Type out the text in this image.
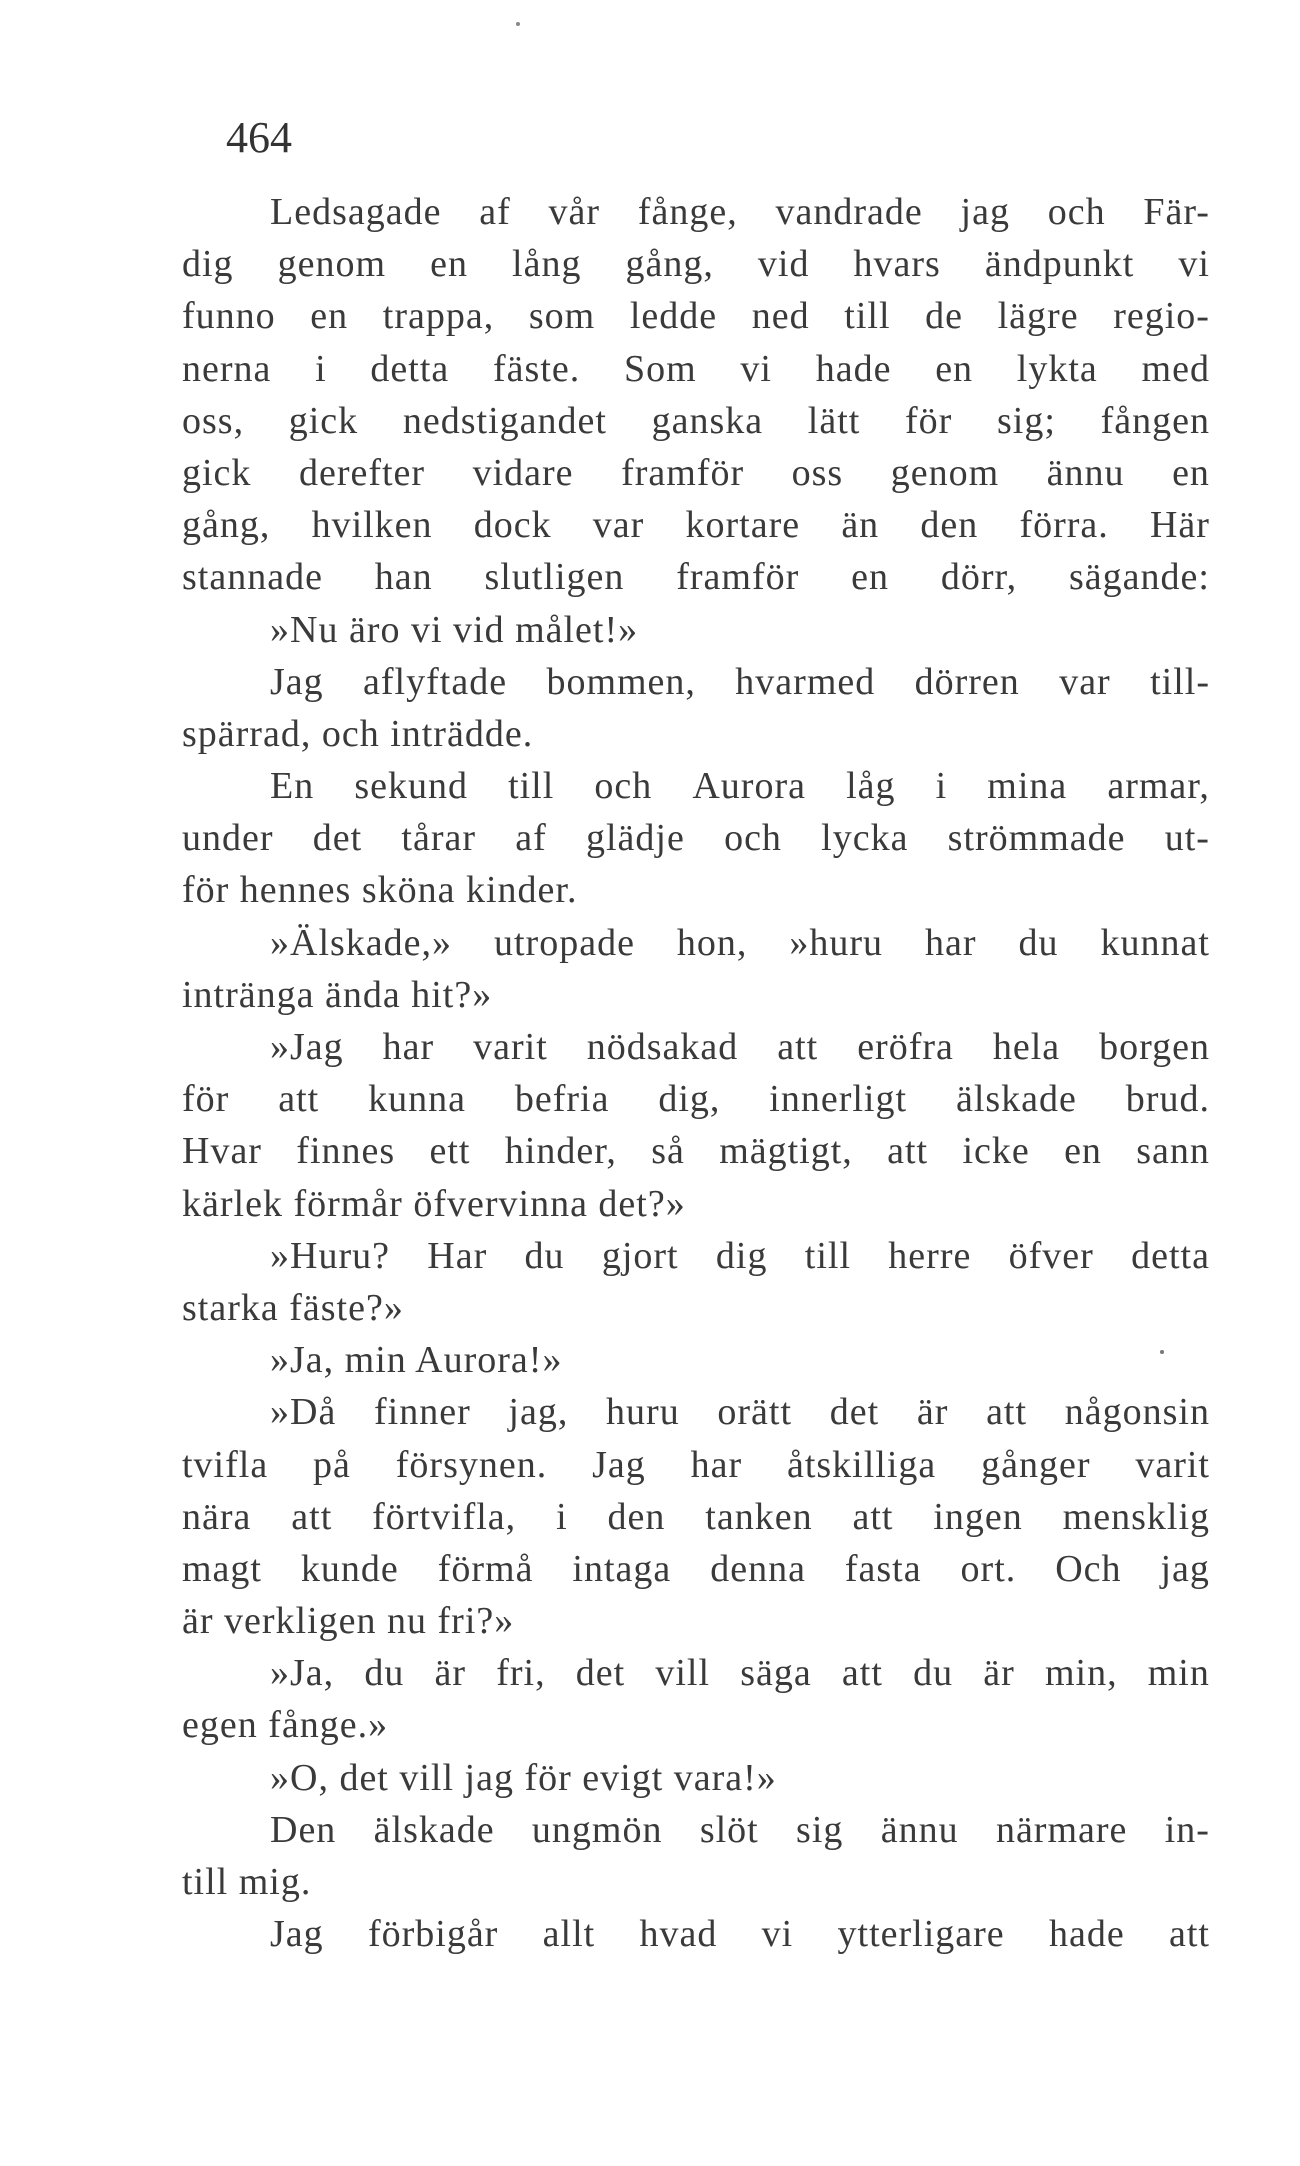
464
Ledsagade af vår fånge, vandrade jag och Fär-
dig genom en lång gång, vid hvars ändpunkt vi
funno en trappa, som ledde ned till de lägre regio-
nerna i detta fäste. Som vi hade en lykta med
oss, gick nedstigandet ganska lätt för sig; fången
gick derefter vidare framför oss genom ännu en
gång, hvilken dock var kortare än den förra. Här
stannade han slutligen framför en dörr, sägande:
»Nu äro vi vid målet!»
Jag aflyftade bommen, hvarmed dörren var till-
spärrad, och inträdde.
En sekund till och Aurora låg i mina armar,
under det tårar af glädje och lycka strömmade ut-
för hennes sköna kinder.
»Älskade,» utropade hon, »huru har du kunnat
intränga ända hit?»
»Jag har varit nödsakad att eröfra hela borgen
för att kunna befria dig, innerligt älskade brud.
Hvar finnes ett hinder, så mägtigt, att icke en sann
kärlek förmår öfvervinna det?»
»Huru? Har du gjort dig till herre öfver detta
starka fäste?»
»Ja, min Aurora!»
»Då finner jag, huru orätt det är att någonsin
tvifla på försynen. Jag har åtskilliga gånger varit
nära att förtvifla, i den tanken att ingen mensklig
magt kunde förmå intaga denna fasta ort. Och jag
är verkligen nu fri?»
»Ja, du är fri, det vill säga att du är min, min
egen fånge.»
»O, det vill jag för evigt vara!»
Den älskade ungmön slöt sig ännu närmare in-
till mig.
Jag förbigår allt hvad vi ytterligare hade att
